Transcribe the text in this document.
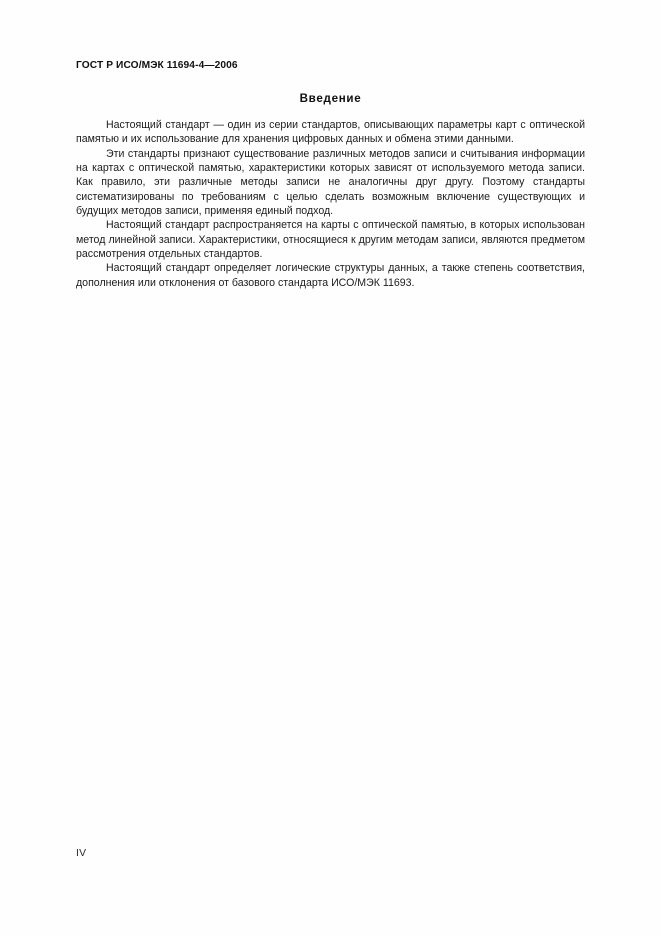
ГОСТ Р ИСО/МЭК 11694-4—2006
Введение

Настоящий стандарт — один из серии стандартов, описывающих параметры карт с оптической памятью и их использование для хранения цифровых данных и обмена этими данными.

Эти стандарты признают существование различных методов записи и считывания информации на картах с оптической памятью, характеристики которых зависят от используемого метода записи. Как правило, эти различные методы записи не аналогичны друг другу. Поэтому стандарты систематизированы по требованиям с целью сделать возможным включение существующих и будущих методов записи, применяя единый подход.

Настоящий стандарт распространяется на карты с оптической памятью, в которых использован метод линейной записи. Характеристики, относящиеся к другим методам записи, являются предметом рассмотрения отдельных стандартов.

Настоящий стандарт определяет логические структуры данных, а также степень соответствия, дополнения или отклонения от базового стандарта ИСО/МЭК 11693.

IV
